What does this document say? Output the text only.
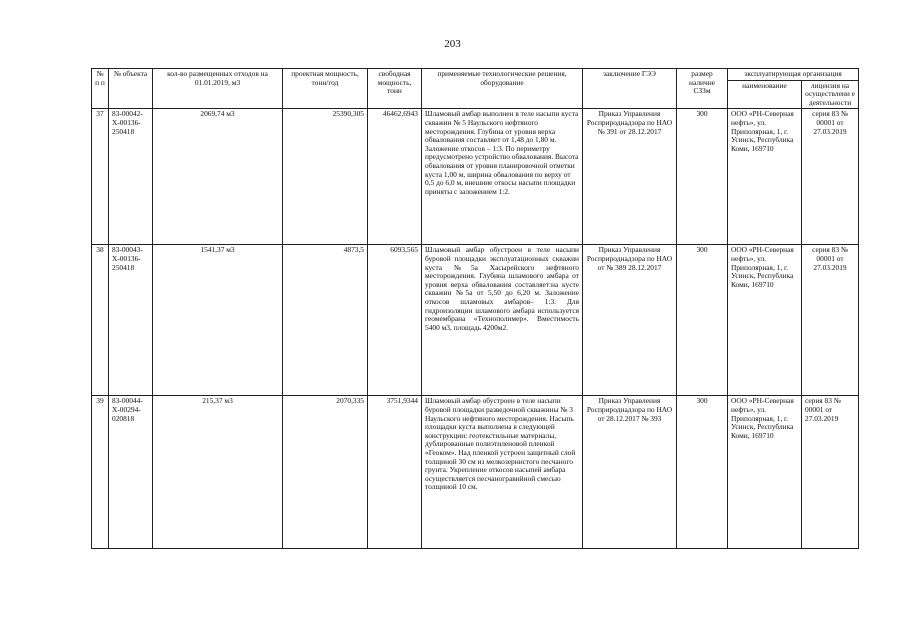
203
№ п п	№ объекта	кол-во размещенных отходов на 01.01.2019, м3	проектная мощность, тонн/год	свободная мощность, тонн	применяемые технологические решения, оборудование	заключение ГЭЭ	размер наличие СЗЗм	эксплуатирующая организация	
								наименование	лицензия на осуществлени е деятельности
37	83-00042-Х-00136-250418	2069,74 м3	25390,305	46462,6943	Шламовый амбар выполнен в теле насыпи куста скважин № 5 Наульского нефтяного месторождения. Глубина от уровня верха обвалования составляет от 1,48 до 1,80 м. Заложение откосов – 1:3. По периметру предусмотрено устройство обвалования. Высота обвалования от уровня планировочной отметки куста 1,00 м, ширина обвалования по верху от 0,5 до 6,0 м, внешние откосы насыпи площадки приняты с заложением 1:2.	Приказ Управления Росприроднадзора по НАО № 391 от 28.12.2017	300	ООО «РН-Северная нефть», ул. Приполярная, 1, г. Усинск, Республика Коми, 169710	серия 83 № 00001 от 27.03.2019
38	83-00043-Х-00136-250418	1541,37 м3	4873,5	6093,565	Шламовый амбар обустроен в теле насыпи буровой площадки эксплуатационных скважин куста №5а Хасырейского нефтяного месторождения. Глубина шламового амбара от уровня верха обвалования составляет:на кусте скважин №5а от 5,50 до 6,20 м. Заложение откосов шламовых амбаров– 1:3. Для гидроизоляции шламового амбара используется геомембрана «Технополимер». Вместимость 5400 м3, площадь 4200м2.	Приказ Управления Росприроднадзора по НАО от № 389 28.12.2017	300	ООО «РН-Северная нефть», ул. Приполярная, 1, г. Усинск, Республика Коми, 169710	серия 83 № 00001 от 27.03.2019
39	83-00044-Х-00294-020818	215,37 м3	2070,335	3751,9344	Шламовый амбар обустроен в теле насыпи буровой площадки разведочной скважины № 3 Наульского нефтяного месторождения. Насыпь площадки куста выполнена в следующей конструкции: геотекстильные материалы, дублированные полиэтиленовой пленкой «Геоком». Над пленкой устроен защитный слой толщиной 30 см из мелкозернистого песчаного грунта. Укрепление откосов насыпей амбара осуществляется песчаногравийной смесью толщиной 10 см.	Приказ Управления Росприроднадзора по НАО от 28.12.2017 № 393	300	ООО «РН-Северная нефть», ул. Приполярная, 1, г. Усинск, Республика Коми, 169710	серия 83 № 00001 от 27.03.2019
